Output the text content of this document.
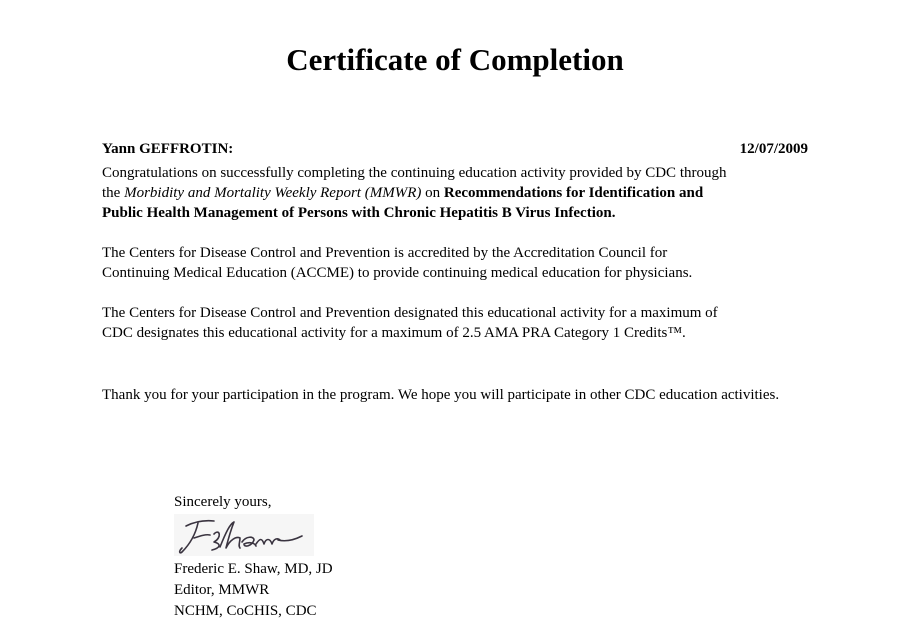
Certificate of Completion
Yann GEFFROTIN:	12/07/2009

Congratulations on successfully completing the continuing education activity provided by CDC through
the Morbidity and Mortality Weekly Report (MMWR) on Recommendations for Identification and
Public Health Management of Persons with Chronic Hepatitis B Virus Infection.

The Centers for Disease Control and Prevention is accredited by the Accreditation Council for
Continuing Medical Education (ACCME) to provide continuing medical education for physicians.

The Centers for Disease Control and Prevention designated this educational activity for a maximum of
CDC designates this educational activity for a maximum of 2.5 AMA PRA Category 1 Credits™.

Thank you for your participation in the program. We hope you will participate in other CDC education activities.

Sincerely yours,
Frederic E. Shaw, MD, JD
Editor, MMWR
NCHM, CoCHIS, CDC
